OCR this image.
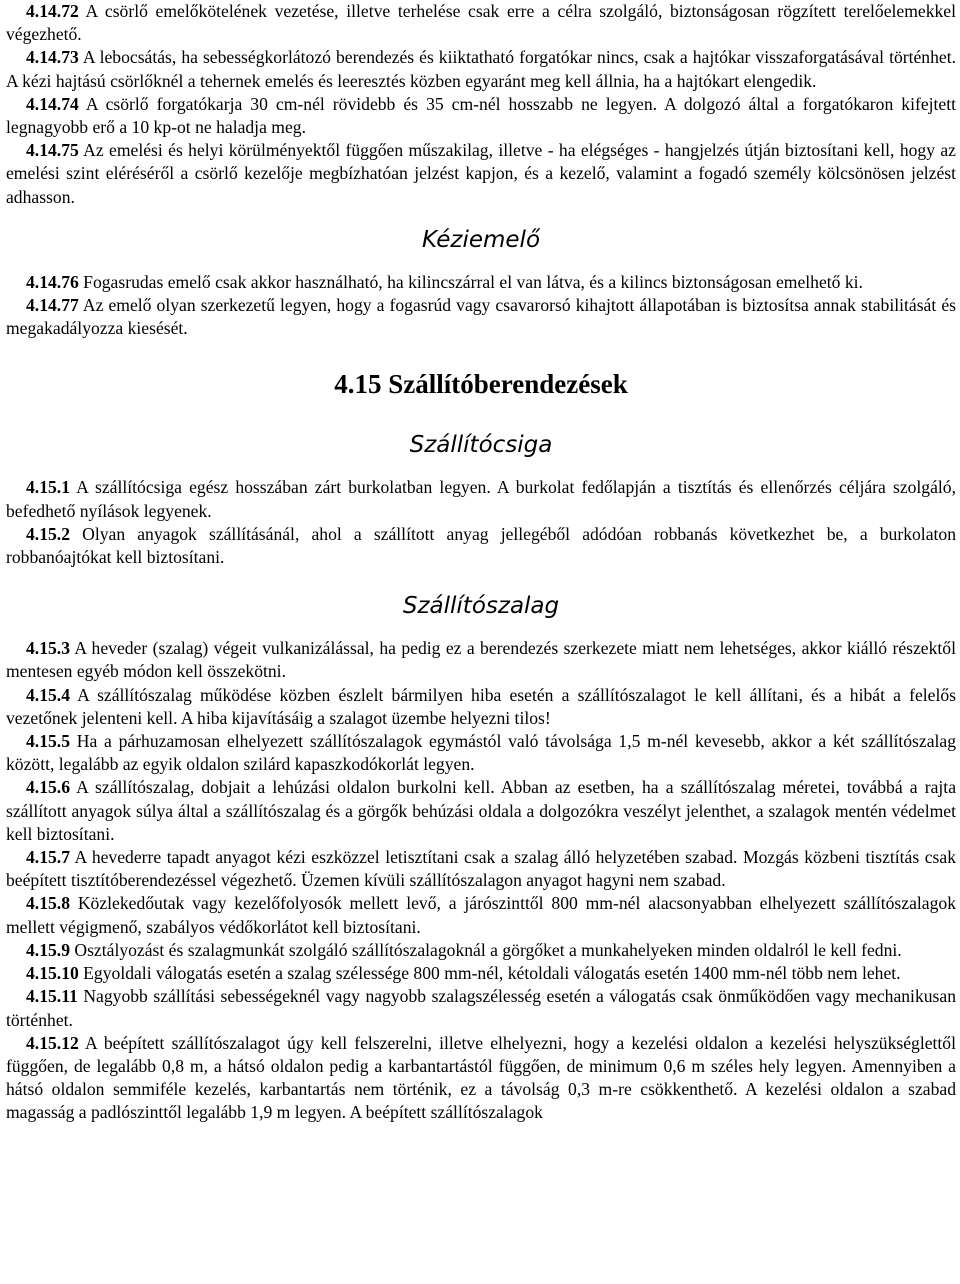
4.14.72 A csörlő emelőkötelének vezetése, illetve terhelése csak erre a célra szolgáló, biztonságosan rögzített terelőelemekkel végezhető.

4.14.73 A lebocsátás, ha sebességkorlátozó berendezés és kiiktatható forgatókar nincs, csak a hajtókar visszaforgatásával történhet. A kézi hajtású csörlőknél a tehernek emelés és leeresztés közben egyaránt meg kell állnia, ha a hajtókart elengedik.

4.14.74 A csörlő forgatókarja 30 cm-nél rövidebb és 35 cm-nél hosszabb ne legyen. A dolgozó által a forgatókaron kifejtett legnagyobb erő a 10 kp-ot ne haladja meg.

4.14.75 Az emelési és helyi körülményektől függően műszakilag, illetve - ha elégséges - hangjelzés útján biztosítani kell, hogy az emelési szint eléréséről a csörlő kezelője megbízhatóan jelzést kapjon, és a kezelő, valamint a fogadó személy kölcsönösen jelzést adhasson.

Kéziemelő

4.14.76 Fogasrudas emelő csak akkor használható, ha kilincszárral el van látva, és a kilincs biztonságosan emelhető ki.

4.14.77 Az emelő olyan szerkezetű legyen, hogy a fogasrúd vagy csavarorsó kihajtott állapotában is biztosítsa annak stabilitását és megakadályozza kiesését.

4.15 Szállítóberendezések
Szállítócsiga

4.15.1 A szállítócsiga egész hosszában zárt burkolatban legyen. A burkolat fedőlapján a tisztítás és ellenőrzés céljára szolgáló, befedhető nyílások legyenek.

4.15.2 Olyan anyagok szállításánál, ahol a szállított anyag jellegéből adódóan robbanás következhet be, a burkolaton robbanóajtókat kell biztosítani.

Szállítószalag

4.15.3 A heveder (szalag) végeit vulkanizálással, ha pedig ez a berendezés szerkezete miatt nem lehetséges, akkor kiálló részektől mentesen egyéb módon kell összekötni.

4.15.4 A szállítószalag működése közben észlelt bármilyen hiba esetén a szállítószalagot le kell állítani, és a hibát a felelős vezetőnek jelenteni kell. A hiba kijavításáig a szalagot üzembe helyezni tilos!

4.15.5 Ha a párhuzamosan elhelyezett szállítószalagok egymástól való távolsága 1,5 m-nél kevesebb, akkor a két szállítószalag között, legalább az egyik oldalon szilárd kapaszkodókorlát legyen.

4.15.6 A szállítószalag, dobjait a lehúzási oldalon burkolni kell. Abban az esetben, ha a szállítószalag méretei, továbbá a rajta szállított anyagok súlya által a szállítószalag és a görgők behúzási oldala a dolgozókra veszélyt jelenthet, a szalagok mentén védelmet kell biztosítani.

4.15.7 A hevederre tapadt anyagot kézi eszközzel letisztítani csak a szalag álló helyzetében szabad. Mozgás közbeni tisztítás csak beépített tisztítóberendezéssel végezhető. Üzemen kívüli szállítószalagon anyagot hagyni nem szabad.

4.15.8 Közlekedőutak vagy kezelőfolyosók mellett levő, a járószinttől 800 mm-nél alacsonyabban elhelyezett szállítószalagok mellett végigmenő, szabályos védőkorlátot kell biztosítani.

4.15.9 Osztályozást és szalagmunkát szolgáló szállítószalagoknál a görgőket a munkahelyeken minden oldalról le kell fedni.

4.15.10 Egyoldali válogatás esetén a szalag szélessége 800 mm-nél, kétoldali válogatás esetén 1400 mm-nél több nem lehet.

4.15.11 Nagyobb szállítási sebességeknél vagy nagyobb szalagszélesség esetén a válogatás csak önműködően vagy mechanikusan történhet.

4.15.12 A beépített szállítószalagot úgy kell felszerelni, illetve elhelyezni, hogy a kezelési oldalon a kezelési helyszükséglettől függően, de legalább 0,8 m, a hátsó oldalon pedig a karbantartástól függően, de minimum 0,6 m széles hely legyen. Amennyiben a hátsó oldalon semmiféle kezelés, karbantartás nem történik, ez a távolság 0,3 m-re csökkenthető. A kezelési oldalon a szabad magasság a padlószinttől legalább 1,9 m legyen. A beépített szállítószalagok
